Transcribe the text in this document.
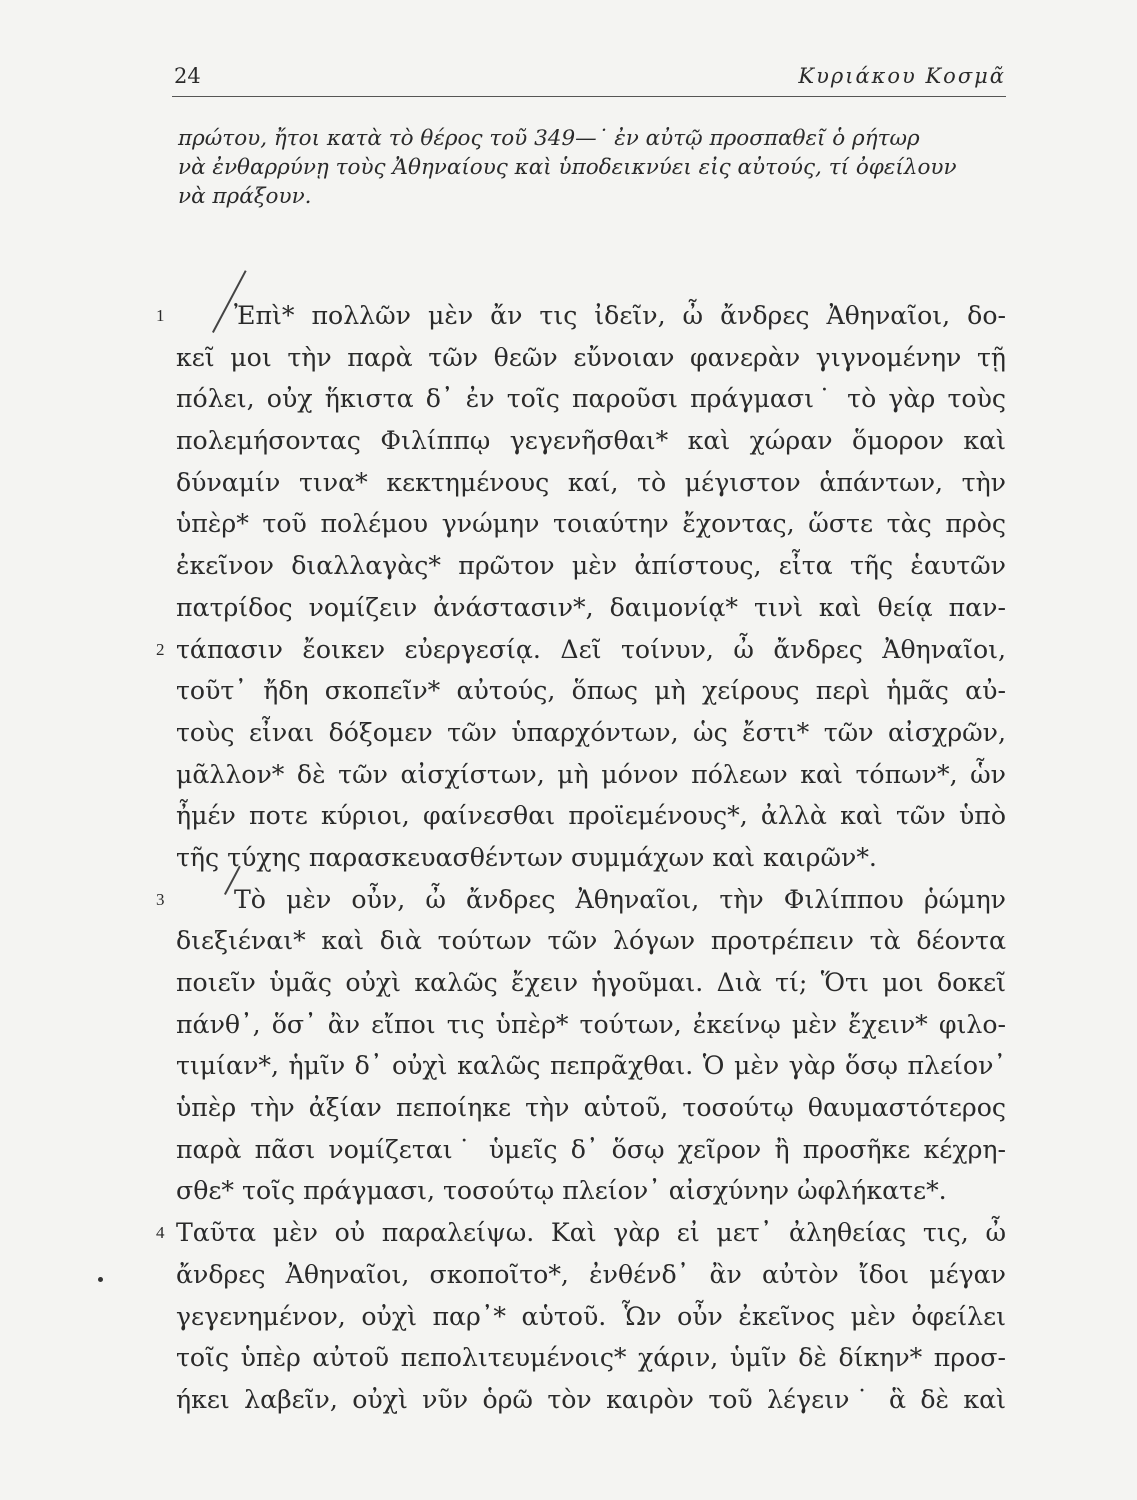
24	Κυριάκου Κοσμᾶ

πρώτου, ἤτοι κατὰ τὸ θέρος τοῦ 349—˙ ἐν αὐτῷ προσπαθεῖ ὁ ρήτωρ

νὰ ἐνθαρρύνῃ τοὺς Ἀθηναίους καὶ ὑποδεικνύει εἰς αὐτούς, τί ὀφείλουν

νὰ πράξουν.

1	Ἐπὶ* πολλῶν μὲν ἄν τις ἰδεῖν, ὦ ἄνδρες Ἀθηναῖοι, δο-
κεῖ μοι τὴν παρὰ τῶν θεῶν εὔνοιαν φανερὰν γιγνομένην τῇ
πόλει, οὐχ ἥκιστα δ᾽ ἐν τοῖς παροῦσι πράγμασι˙ τὸ γὰρ τοὺς
πολεμήσοντας Φιλίππῳ γεγενῆσθαι* καὶ χώραν ὅμορον καὶ
δύναμίν τινα* κεκτημένους καί, τὸ μέγιστον ἁπάντων, τὴν
ὑπὲρ* τοῦ πολέμου γνώμην τοιαύτην ἔχοντας, ὥστε τὰς πρὸς
ἐκεῖνον διαλλαγὰς* πρῶτον μὲν ἀπίστους, εἶτα τῆς ἑαυτῶν
πατρίδος νομίζειν ἀνάστασιν*, δαιμονίᾳ* τινὶ καὶ θείᾳ παν-
2 τάπασιν ἔοικεν εὐεργεσίᾳ. Δεῖ τοίνυν, ὦ ἄνδρες Ἀθηναῖοι,
τοῦτ᾽ ἤδη σκοπεῖν* αὐτούς, ὅπως μὴ χείρους περὶ ἡμᾶς αὐ-
τοὺς εἶναι δόξομεν τῶν ὑπαρχόντων, ὡς ἔστι* τῶν αἰσχρῶν,
μᾶλλον* δὲ τῶν αἰσχίστων, μὴ μόνον πόλεων καὶ τόπων*, ὧν
ἦμέν ποτε κύριοι, φαίνεσθαι προϊεμένους*, ἀλλὰ καὶ τῶν ὑπὸ
τῆς τύχης παρασκευασθέντων συμμάχων καὶ καιρῶν*.
3	Τὸ μὲν οὖν, ὦ ἄνδρες Ἀθηναῖοι, τὴν Φιλίππου ῥώμην
διεξιέναι* καὶ διὰ τούτων τῶν λόγων προτρέπειν τὰ δέοντα
ποιεῖν ὑμᾶς οὐχὶ καλῶς ἔχειν ἡγοῦμαι. Διὰ τί; Ὅτι μοι δοκεῖ
πάνθ᾽, ὅσ᾽ ἂν εἴποι τις ὑπὲρ* τούτων, ἐκείνῳ μὲν ἔχειν* φιλο-
τιμίαν*, ἡμῖν δ᾽ οὐχὶ καλῶς πεπρᾶχθαι. Ὁ μὲν γὰρ ὅσῳ πλείον᾽
ὑπὲρ τὴν ἀξίαν πεποίηκε τὴν αὑτοῦ, τοσούτῳ θαυμαστότερος
παρὰ πᾶσι νομίζεται˙ ὑμεῖς δ᾽ ὅσῳ χεῖρον ἢ προσῆκε κέχρη-
σθε* τοῖς πράγμασι, τοσούτῳ πλείον᾽ αἰσχύνην ὠφλήκατε*.
4 Ταῦτα μὲν οὐ παραλείψω. Καὶ γὰρ εἰ μετ᾽ ἀληθείας τις, ὦ
ἄνδρες Ἀθηναῖοι, σκοποῖτο*, ἐνθένδ᾽ ἂν αὐτὸν ἴδοι μέγαν
γεγενημένον, οὐχὶ παρ᾽* αὑτοῦ. Ὧν οὖν ἐκεῖνος μὲν ὀφείλει
τοῖς ὑπὲρ αὐτοῦ πεπολιτευμένοις* χάριν, ὑμῖν δὲ δίκην* προσ-
ήκει λαβεῖν, οὐχὶ νῦν ὁρῶ τὸν καιρὸν τοῦ λέγειν˙ ἃ δὲ καὶ
